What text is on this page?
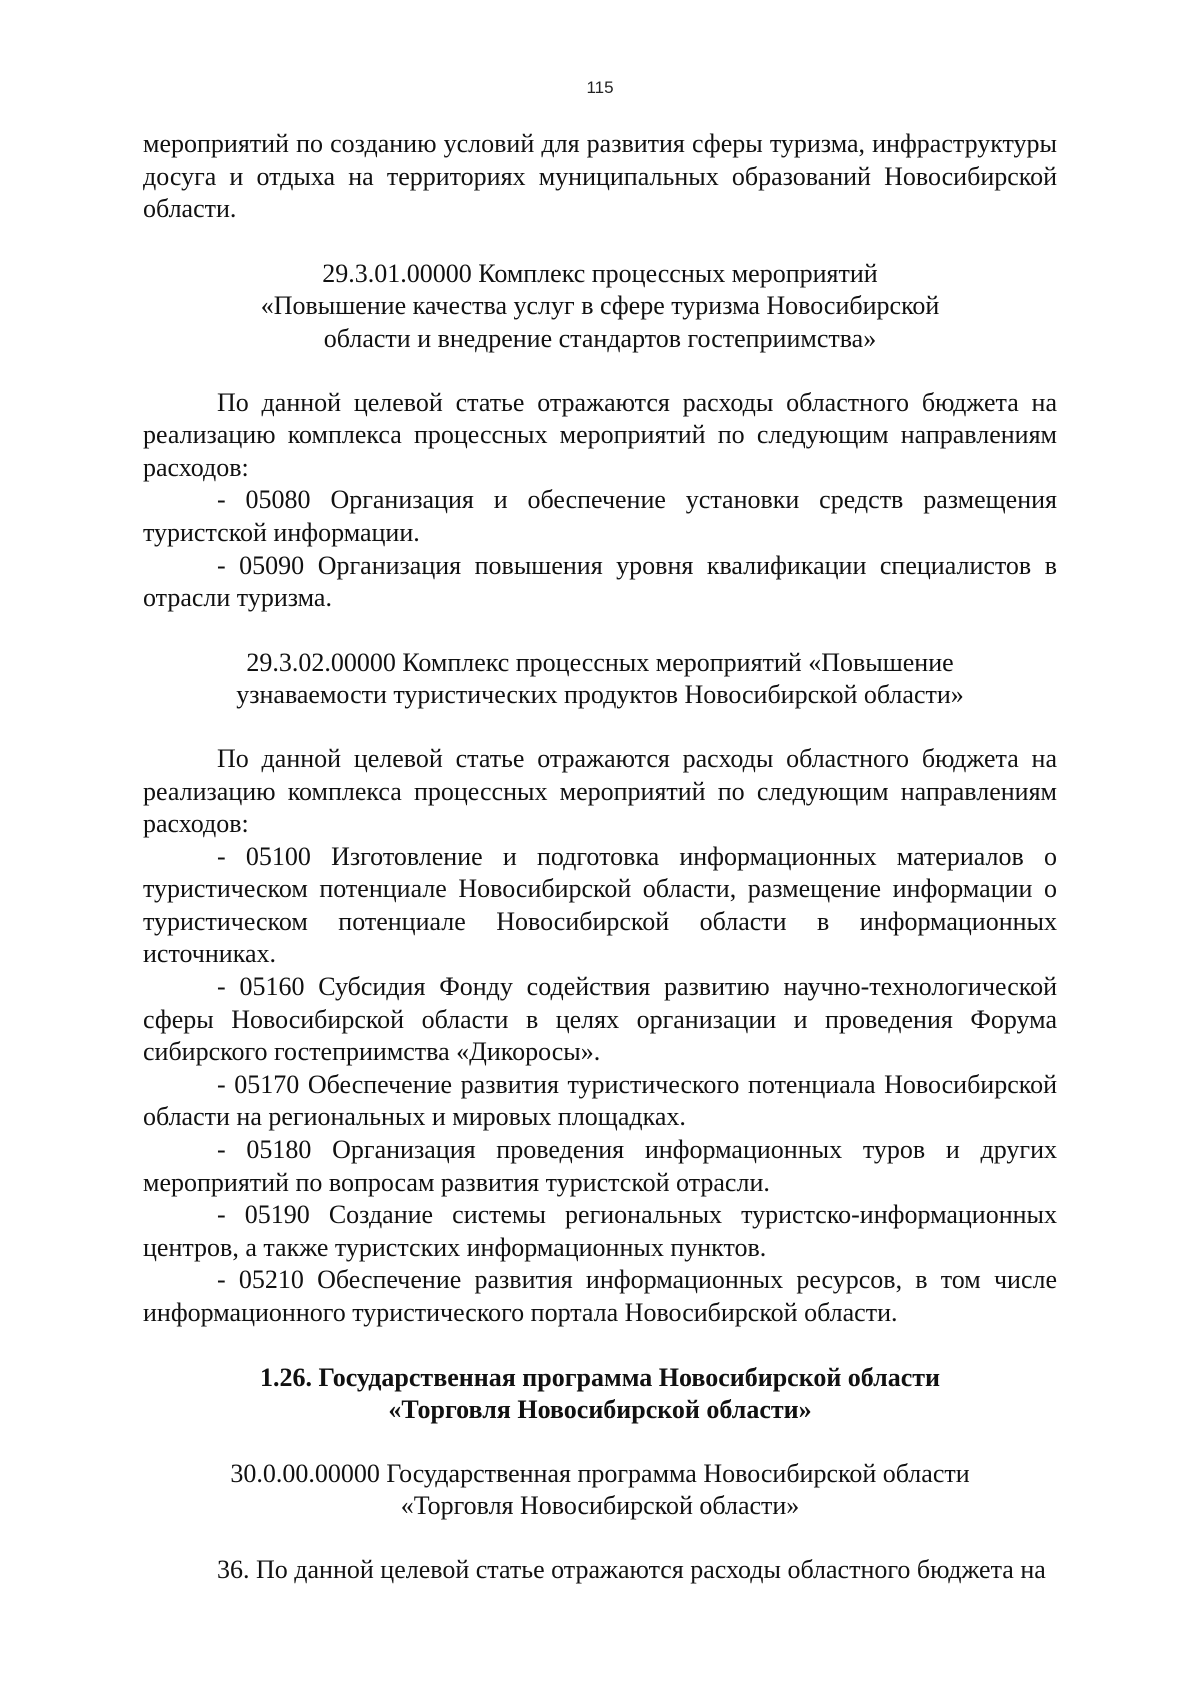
115

мероприятий по созданию условий для развития сферы туризма, инфраструктуры досуга и отдыха на территориях муниципальных образований Новосибирской области.

29.3.01.00000 Комплекс процессных мероприятий
«Повышение качества услуг в сфере туризма Новосибирской
области и внедрение стандартов гостеприимства»

По данной целевой статье отражаются расходы областного бюджета на реализацию комплекса процессных мероприятий по следующим направлениям расходов:

- 05080 Организация и обеспечение установки средств размещения туристской информации.

- 05090 Организация повышения уровня квалификации специалистов в отрасли туризма.

29.3.02.00000 Комплекс процессных мероприятий «Повышение
узнаваемости туристических продуктов Новосибирской области»

По данной целевой статье отражаются расходы областного бюджета на реализацию комплекса процессных мероприятий по следующим направлениям расходов:

- 05100 Изготовление и подготовка информационных материалов о туристическом потенциале Новосибирской области, размещение информации о туристическом потенциале Новосибирской области в информационных источниках.

- 05160 Субсидия Фонду содействия развитию научно-технологической сферы Новосибирской области в целях организации и проведения Форума сибирского гостеприимства «Дикоросы».

- 05170 Обеспечение развития туристического потенциала Новосибирской области на региональных и мировых площадках.

- 05180 Организация проведения информационных туров и других мероприятий по вопросам развития туристской отрасли.

- 05190 Создание системы региональных туристско-информационных центров, а также туристских информационных пунктов.

- 05210 Обеспечение развития информационных ресурсов, в том числе информационного туристического портала Новосибирской области.

1.26. Государственная программа Новосибирской области
«Торговля Новосибирской области»
30.0.00.00000 Государственная программа Новосибирской области
«Торговля Новосибирской области»

36. По данной целевой статье отражаются расходы областного бюджета на
